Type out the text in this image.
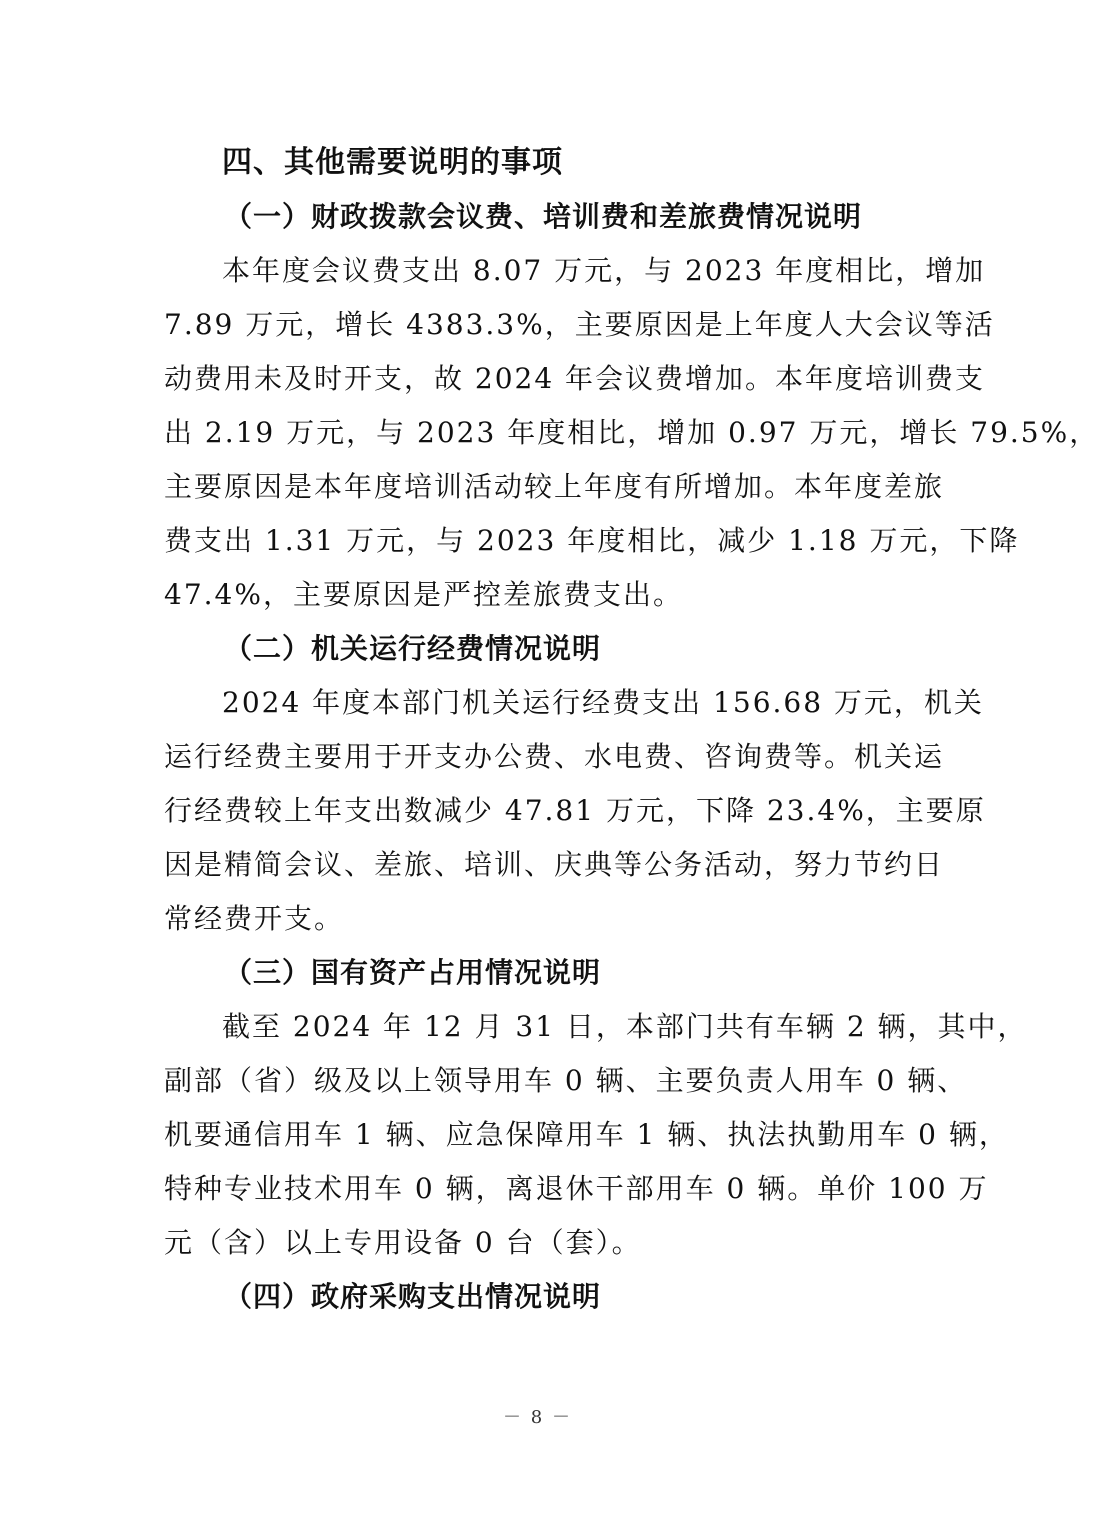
四、其他需要说明的事项
（一）财政拨款会议费、培训费和差旅费情况说明

本年度会议费支出 8.07 万元，与 2023 年度相比，增加
7.89 万元，增长 4383.3%，主要原因是上年度人大会议等活
动费用未及时开支，故 2024 年会议费增加。本年度培训费支
出 2.19 万元，与 2023 年度相比，增加 0.97 万元，增长 79.5%，
主要原因是本年度培训活动较上年度有所增加。本年度差旅
费支出 1.31 万元，与 2023 年度相比，减少 1.18 万元，下降
47.4%，主要原因是严控差旅费支出。

（二）机关运行经费情况说明

2024 年度本部门机关运行经费支出 156.68 万元，机关
运行经费主要用于开支办公费、水电费、咨询费等。机关运
行经费较上年支出数减少 47.81 万元，下降 23.4%，主要原
因是精简会议、差旅、培训、庆典等公务活动，努力节约日
常经费开支。

（三）国有资产占用情况说明

截至 2024 年 12 月 31 日，本部门共有车辆 2 辆，其中，
副部（省）级及以上领导用车 0 辆、主要负责人用车 0 辆、
机要通信用车 1 辆、应急保障用车 1 辆、执法执勤用车 0 辆，
特种专业技术用车 0 辆，离退休干部用车 0 辆。单价 100 万
元（含）以上专用设备 0 台（套）。

（四）政府采购支出情况说明
－ 8 －
